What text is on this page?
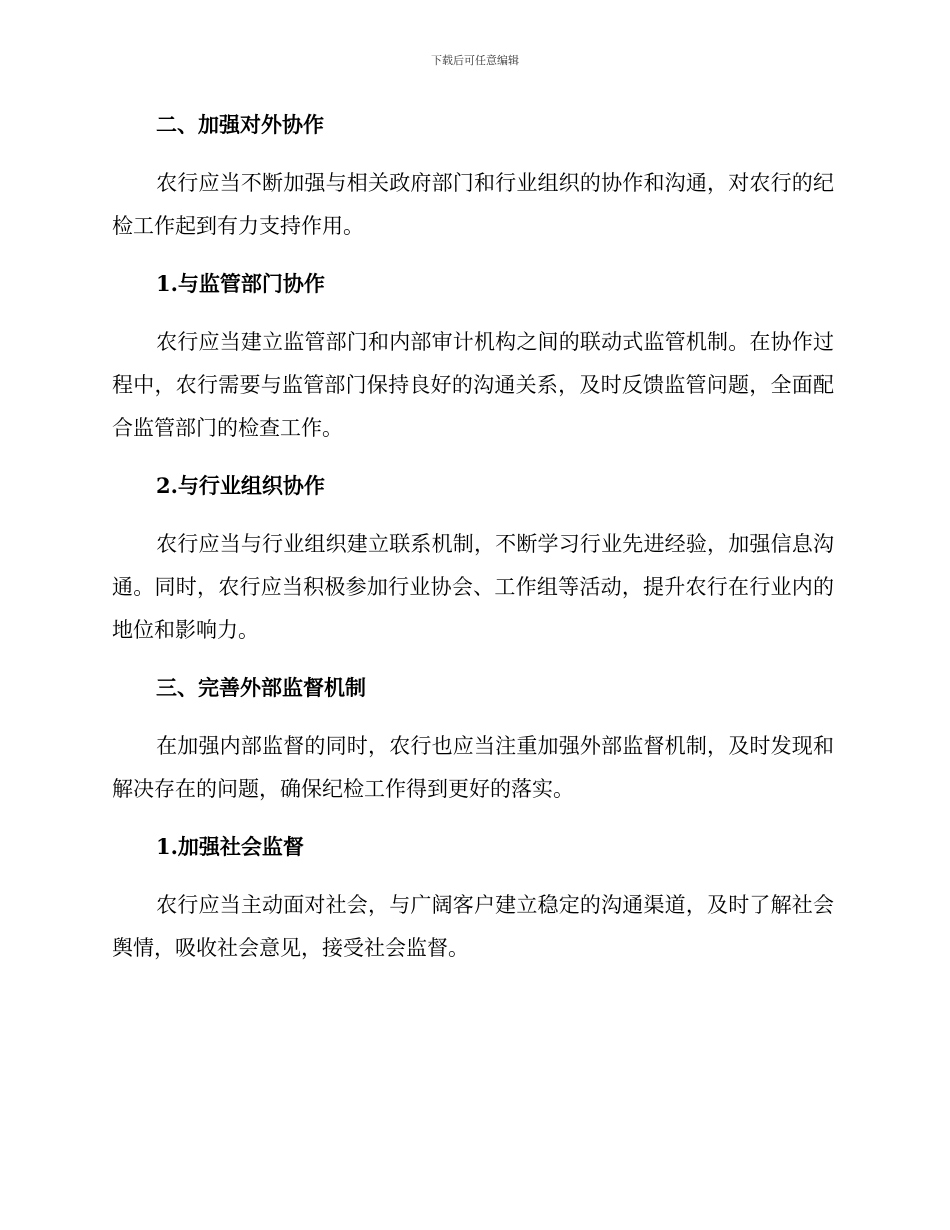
下载后可任意编辑
二、加强对外协作

农行应当不断加强与相关政府部门和行业组织的协作和沟通，对农行的纪检工作起到有力支持作用。

1.与监管部门协作

农行应当建立监管部门和内部审计机构之间的联动式监管机制。在协作过程中，农行需要与监管部门保持良好的沟通关系，及时反馈监管问题，全面配合监管部门的检查工作。

2.与行业组织协作

农行应当与行业组织建立联系机制，不断学习行业先进经验，加强信息沟通。同时，农行应当积极参加行业协会、工作组等活动，提升农行在行业内的地位和影响力。

三、完善外部监督机制

在加强内部监督的同时，农行也应当注重加强外部监督机制，及时发现和解决存在的问题，确保纪检工作得到更好的落实。

1.加强社会监督

农行应当主动面对社会，与广阔客户建立稳定的沟通渠道，及时了解社会舆情，吸收社会意见，接受社会监督。
